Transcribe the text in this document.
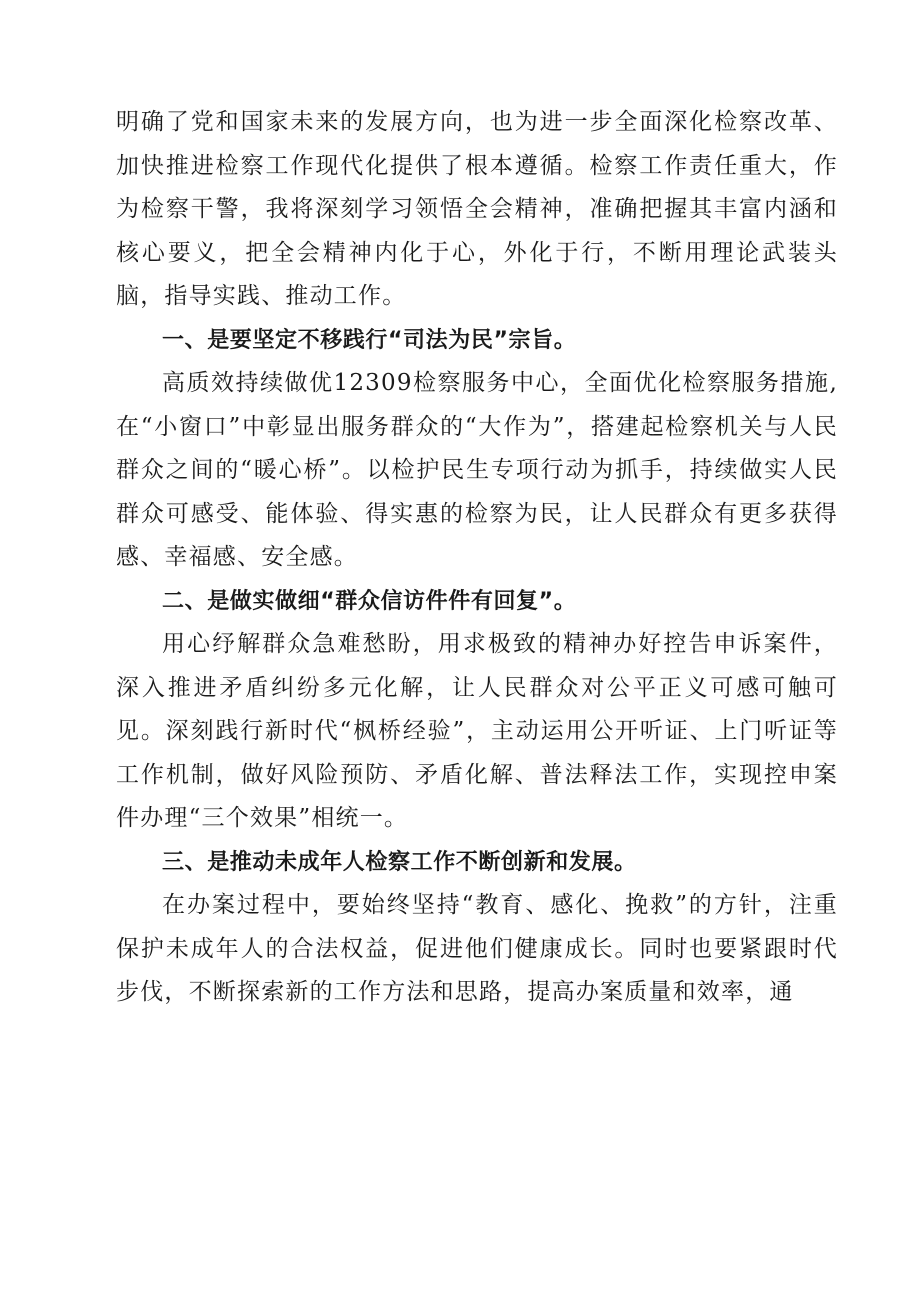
明确了党和国家未来的发展方向，也为进一步全面深化检察改革、加快推进检察工作现代化提供了根本遵循。检察工作责任重大，作为检察干警，我将深刻学习领悟全会精神，准确把握其丰富内涵和核心要义，把全会精神内化于心，外化于行，不断用理论武装头脑，指导实践、推动工作。

一、是要坚定不移践行“司法为民”宗旨。

高质效持续做优12309检察服务中心，全面优化检察服务措施,在“小窗口”中彰显出服务群众的“大作为”，搭建起检察机关与人民群众之间的“暖心桥”。以检护民生专项行动为抓手，持续做实人民群众可感受、能体验、得实惠的检察为民，让人民群众有更多获得感、幸福感、安全感。

二、是做实做细“群众信访件件有回复”。

用心纾解群众急难愁盼，用求极致的精神办好控告申诉案件，深入推进矛盾纠纷多元化解，让人民群众对公平正义可感可触可见。深刻践行新时代“枫桥经验”，主动运用公开听证、上门听证等工作机制，做好风险预防、矛盾化解、普法释法工作，实现控申案件办理“三个效果”相统一。

三、是推动未成年人检察工作不断创新和发展。

在办案过程中，要始终坚持“教育、感化、挽救”的方针，注重保护未成年人的合法权益，促进他们健康成长。同时也要紧跟时代步伐，不断探索新的工作方法和思路，提高办案质量和效率，通
